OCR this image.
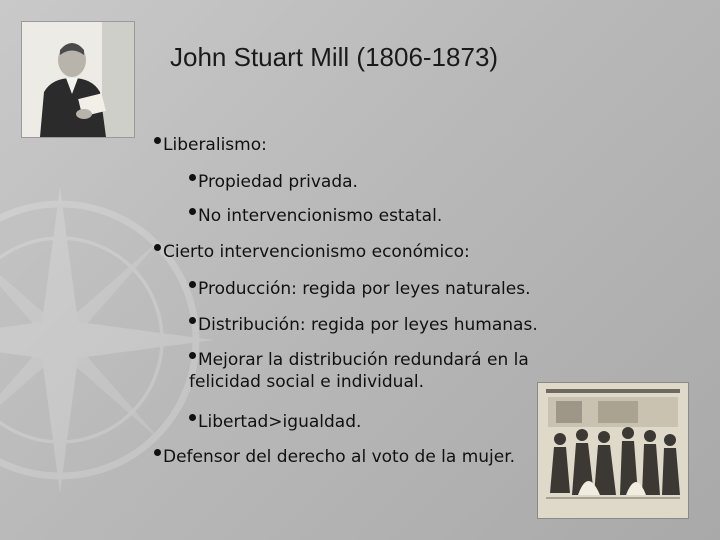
John Stuart Mill (1806-1873)
Liberalismo:
Propiedad privada.
No intervencionismo estatal.
Cierto intervencionismo económico:
Producción: regida por leyes naturales.
Distribución: regida por leyes humanas.
Mejorar la distribución redundará en la felicidad social e individual.
Libertad>igualdad.
Defensor del derecho al voto de la mujer.
